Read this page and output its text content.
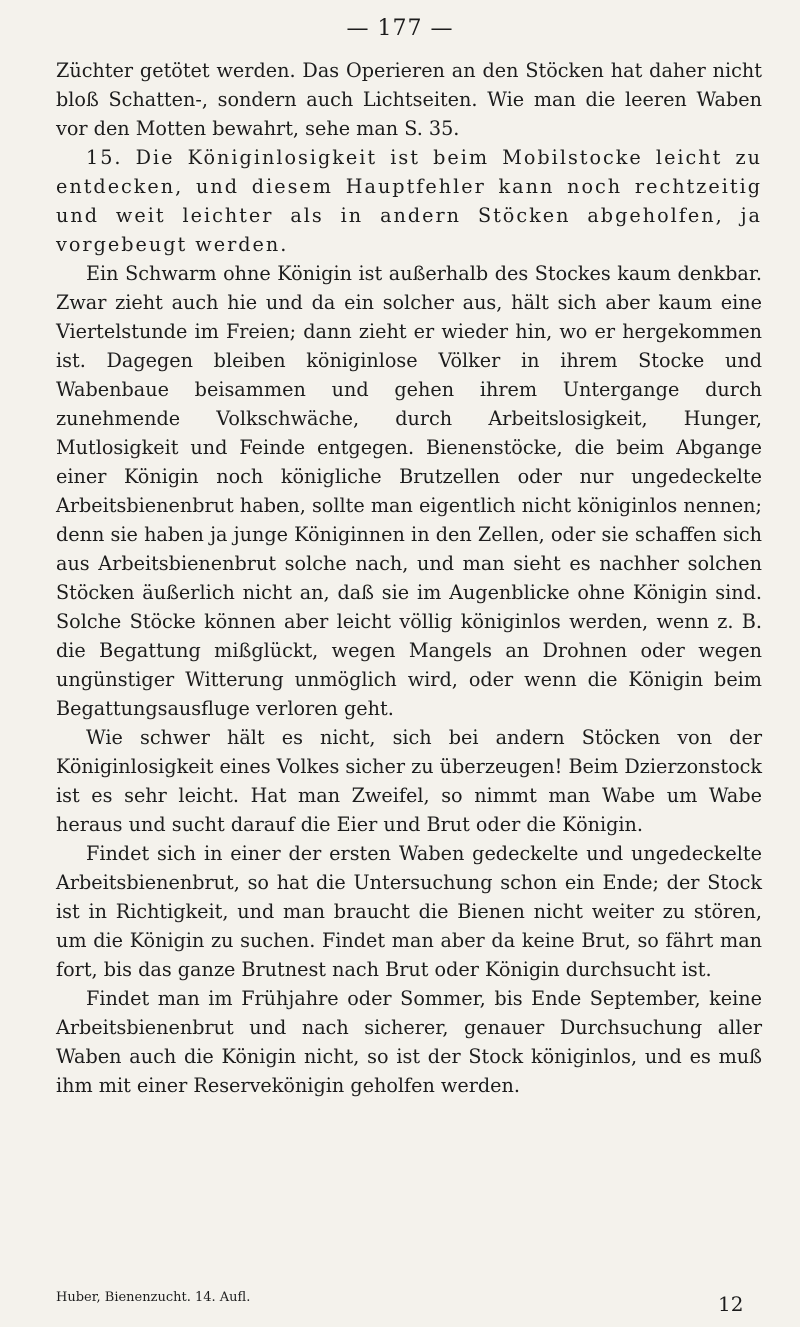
— 177 —

Züchter getötet werden. Das Operieren an den Stöcken hat daher nicht bloß Schatten-, sondern auch Lichtseiten. Wie man die leeren Waben vor den Motten bewahrt, sehe man S. 35.

15. Die Königinlosigkeit ist beim Mobilstocke leicht zu entdecken, und diesem Hauptfehler kann noch rechtzeitig und weit leichter als in andern Stöcken abgeholfen, ja vorgebeugt werden.

Ein Schwarm ohne Königin ist außerhalb des Stockes kaum denkbar. Zwar zieht auch hie und da ein solcher aus, hält sich aber kaum eine Viertelstunde im Freien; dann zieht er wieder hin, wo er hergekommen ist. Dagegen bleiben königinlose Völker in ihrem Stocke und Wabenbaue beisammen und gehen ihrem Untergange durch zunehmende Volkschwäche, durch Arbeitslosigkeit, Hunger, Mutlosigkeit und Feinde entgegen. Bienenstöcke, die beim Abgange einer Königin noch königliche Brutzellen oder nur ungedeckelte Arbeitsbienenbrut haben, sollte man eigentlich nicht königinlos nennen; denn sie haben ja junge Königinnen in den Zellen, oder sie schaffen sich aus Arbeitsbienenbrut solche nach, und man sieht es nachher solchen Stöcken äußerlich nicht an, daß sie im Augenblicke ohne Königin sind. Solche Stöcke können aber leicht völlig königinlos werden, wenn z. B. die Begattung mißglückt, wegen Mangels an Drohnen oder wegen ungünstiger Witterung unmöglich wird, oder wenn die Königin beim Begattungsausfluge verloren geht.

Wie schwer hält es nicht, sich bei andern Stöcken von der Königinlosigkeit eines Volkes sicher zu überzeugen! Beim Dzierzonstock ist es sehr leicht. Hat man Zweifel, so nimmt man Wabe um Wabe heraus und sucht darauf die Eier und Brut oder die Königin.

Findet sich in einer der ersten Waben gedeckelte und ungedeckelte Arbeitsbienenbrut, so hat die Untersuchung schon ein Ende; der Stock ist in Richtigkeit, und man braucht die Bienen nicht weiter zu stören, um die Königin zu suchen. Findet man aber da keine Brut, so fährt man fort, bis das ganze Brutnest nach Brut oder Königin durchsucht ist.

Findet man im Frühjahre oder Sommer, bis Ende September, keine Arbeitsbienenbrut und nach sicherer, genauer Durchsuchung aller Waben auch die Königin nicht, so ist der Stock königinlos, und es muß ihm mit einer Reservekönigin geholfen werden.

Huber, Bienenzucht. 14. Aufl.	12
